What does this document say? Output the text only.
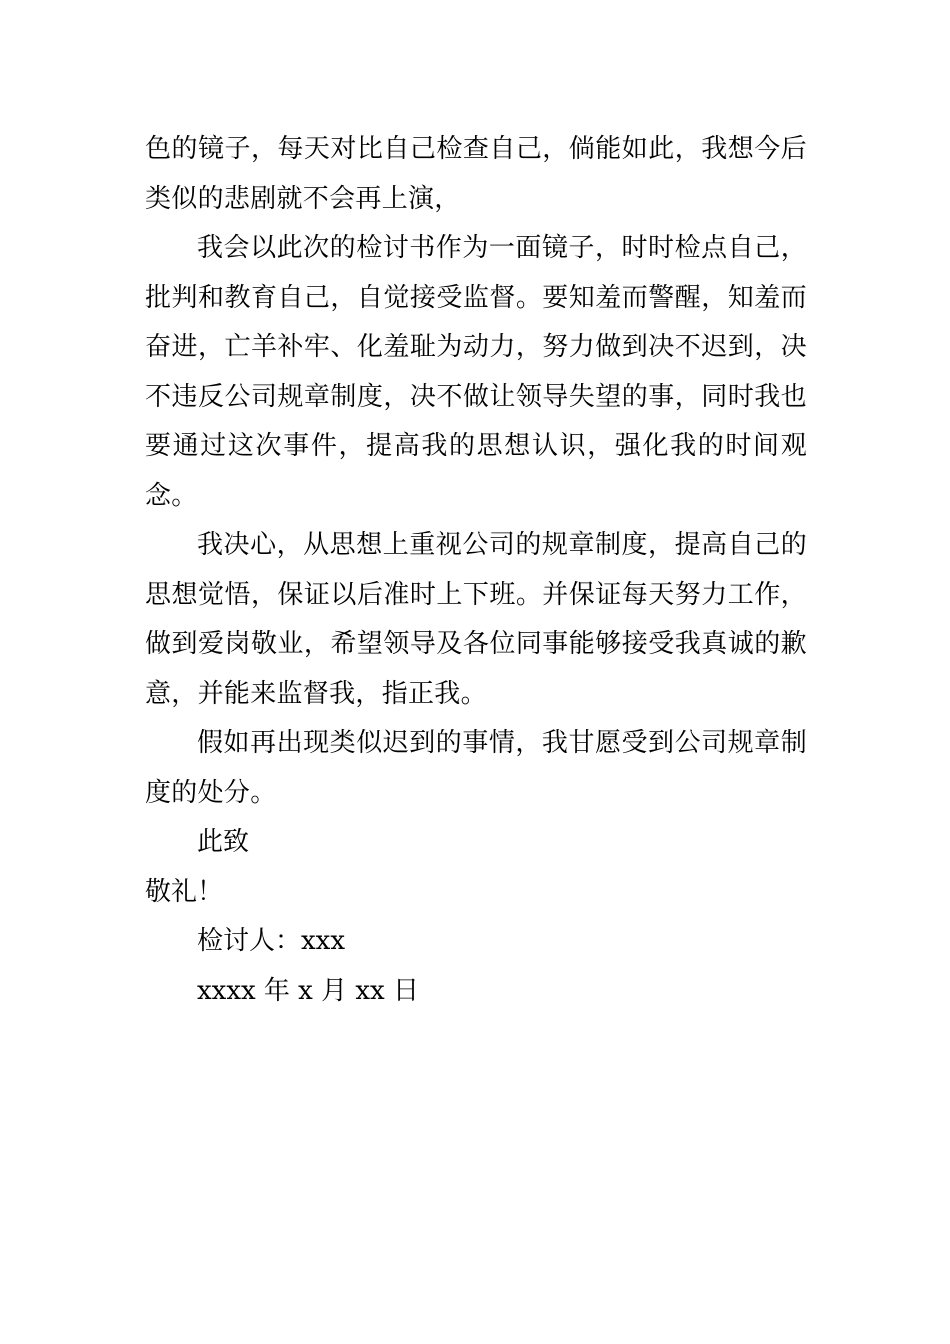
色的镜子，每天对比自己检查自己，倘能如此，我想今后类似的悲剧就不会再上演，

我会以此次的检讨书作为一面镜子，时时检点自己，批判和教育自己，自觉接受监督。要知羞而警醒，知羞而奋进，亡羊补牢、化羞耻为动力，努力做到决不迟到，决不违反公司规章制度，决不做让领导失望的事，同时我也要通过这次事件，提高我的思想认识，强化我的时间观念。

我决心，从思想上重视公司的规章制度，提高自己的思想觉悟，保证以后准时上下班。并保证每天努力工作，做到爱岗敬业，希望领导及各位同事能够接受我真诚的歉意，并能来监督我，指正我。

假如再出现类似迟到的事情，我甘愿受到公司规章制度的处分。

此致

敬礼！

检讨人：xxx

xxxx 年 x 月 xx 日
